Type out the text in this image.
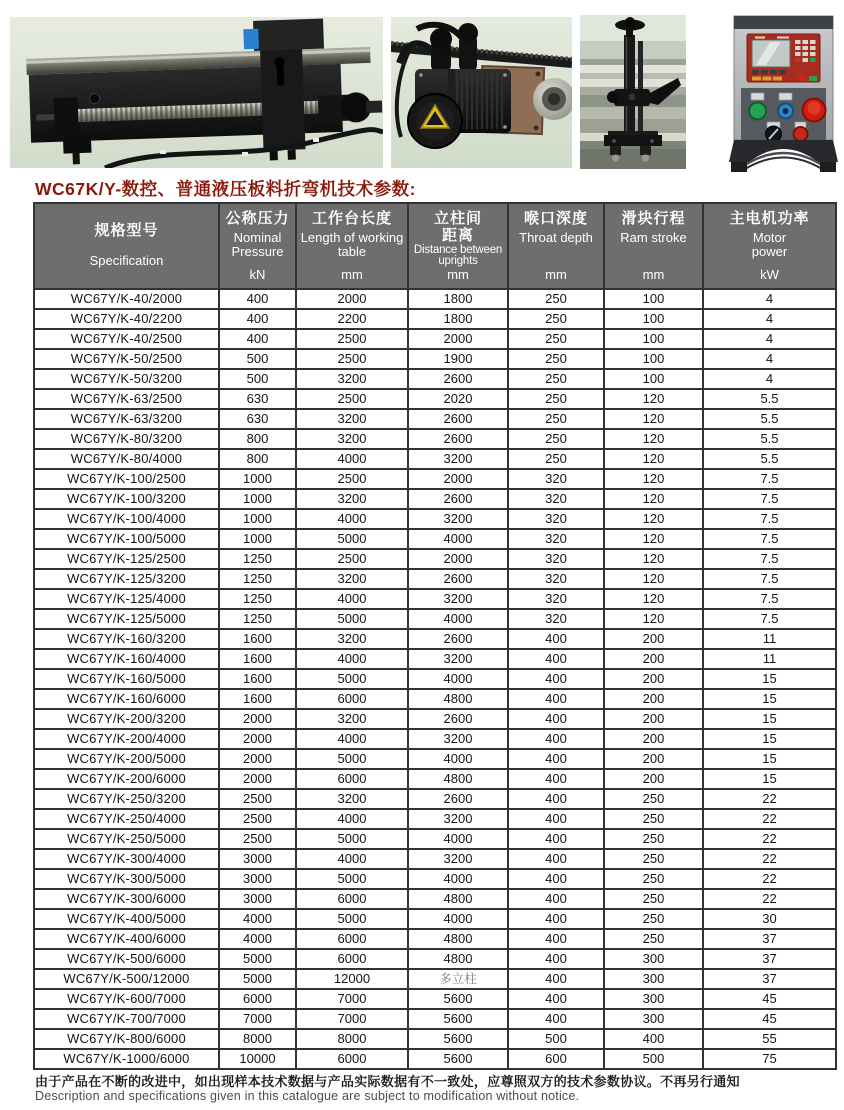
WC67K/Y-数控、普通液压板料折弯机技术参数:
规格型号
Specification

公称压力
Nominal Pressure
kN

工作台长度
Length of working table
mm

立柱间距离
Distance between uprights
mm

喉口深度
Throat depth
mm

滑块行程
Ram stroke
mm

主电机功率
Motor power
kW

WC67Y/K-40/2000	400	2000	1800	250	100	4
WC67Y/K-40/2200	400	2200	1800	250	100	4
WC67Y/K-40/2500	400	2500	2000	250	100	4
WC67Y/K-50/2500	500	2500	1900	250	100	4
WC67Y/K-50/3200	500	3200	2600	250	100	4
WC67Y/K-63/2500	630	2500	2020	250	120	5.5
WC67Y/K-63/3200	630	3200	2600	250	120	5.5
WC67Y/K-80/3200	800	3200	2600	250	120	5.5
WC67Y/K-80/4000	800	4000	3200	250	120	5.5
WC67Y/K-100/2500	1000	2500	2000	320	120	7.5
WC67Y/K-100/3200	1000	3200	2600	320	120	7.5
WC67Y/K-100/4000	1000	4000	3200	320	120	7.5
WC67Y/K-100/5000	1000	5000	4000	320	120	7.5
WC67Y/K-125/2500	1250	2500	2000	320	120	7.5
WC67Y/K-125/3200	1250	3200	2600	320	120	7.5
WC67Y/K-125/4000	1250	4000	3200	320	120	7.5
WC67Y/K-125/5000	1250	5000	4000	320	120	7.5
WC67Y/K-160/3200	1600	3200	2600	400	200	11
WC67Y/K-160/4000	1600	4000	3200	400	200	11
WC67Y/K-160/5000	1600	5000	4000	400	200	15
WC67Y/K-160/6000	1600	6000	4800	400	200	15
WC67Y/K-200/3200	2000	3200	2600	400	200	15
WC67Y/K-200/4000	2000	4000	3200	400	200	15
WC67Y/K-200/5000	2000	5000	4000	400	200	15
WC67Y/K-200/6000	2000	6000	4800	400	200	15
WC67Y/K-250/3200	2500	3200	2600	400	250	22
WC67Y/K-250/4000	2500	4000	3200	400	250	22
WC67Y/K-250/5000	2500	5000	4000	400	250	22
WC67Y/K-300/4000	3000	4000	3200	400	250	22
WC67Y/K-300/5000	3000	5000	4000	400	250	22
WC67Y/K-300/6000	3000	6000	4800	400	250	22
WC67Y/K-400/5000	4000	5000	4000	400	250	30
WC67Y/K-400/6000	4000	6000	4800	400	250	37
WC67Y/K-500/6000	5000	6000	4800	400	300	37
WC67Y/K-500/12000	5000	12000	多立柱	400	300	37
WC67Y/K-600/7000	6000	7000	5600	400	300	45
WC67Y/K-700/7000	7000	7000	5600	400	300	45
WC67Y/K-800/6000	8000	8000	5600	500	400	55
WC67Y/K-1000/6000	10000	6000	5600	600	500	75
由于产品在不断的改进中，如出现样本技术数据与产品实际数据有不一致处，应尊照双方的技术参数协议。不再另行通知
Description and specifications given in this catalogue are subject to modification without notice.
